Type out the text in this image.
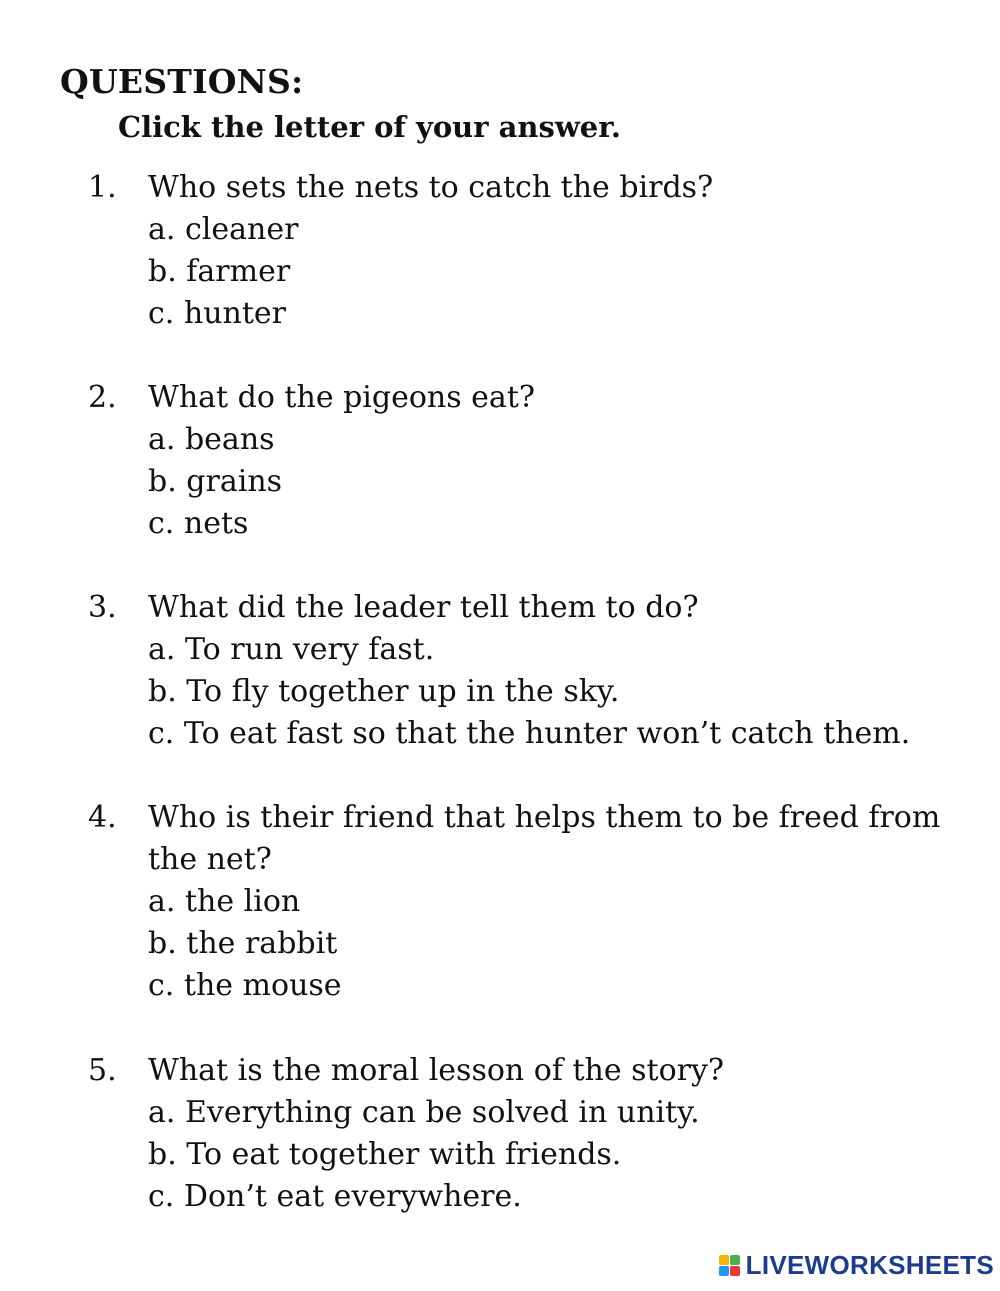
QUESTIONS:
Click the letter of your answer.
1.	Who sets the nets to catch the birds?
a. cleaner
b. farmer
c. hunter
2.	What do the pigeons eat?
a. beans
b. grains
c. nets
3.	What did the leader tell them to do?
a. To run very fast.
b. To fly together up in the sky.
c. To eat fast so that the hunter won’t catch them.
4.	Who is their friend that helps them to be freed from the net?
a. the lion
b. the rabbit
c. the mouse
5.	What is the moral lesson of the story?
a. Everything can be solved in unity.
b. To eat together with friends.
c. Don’t eat everywhere.
LIVEWORKSHEETS
